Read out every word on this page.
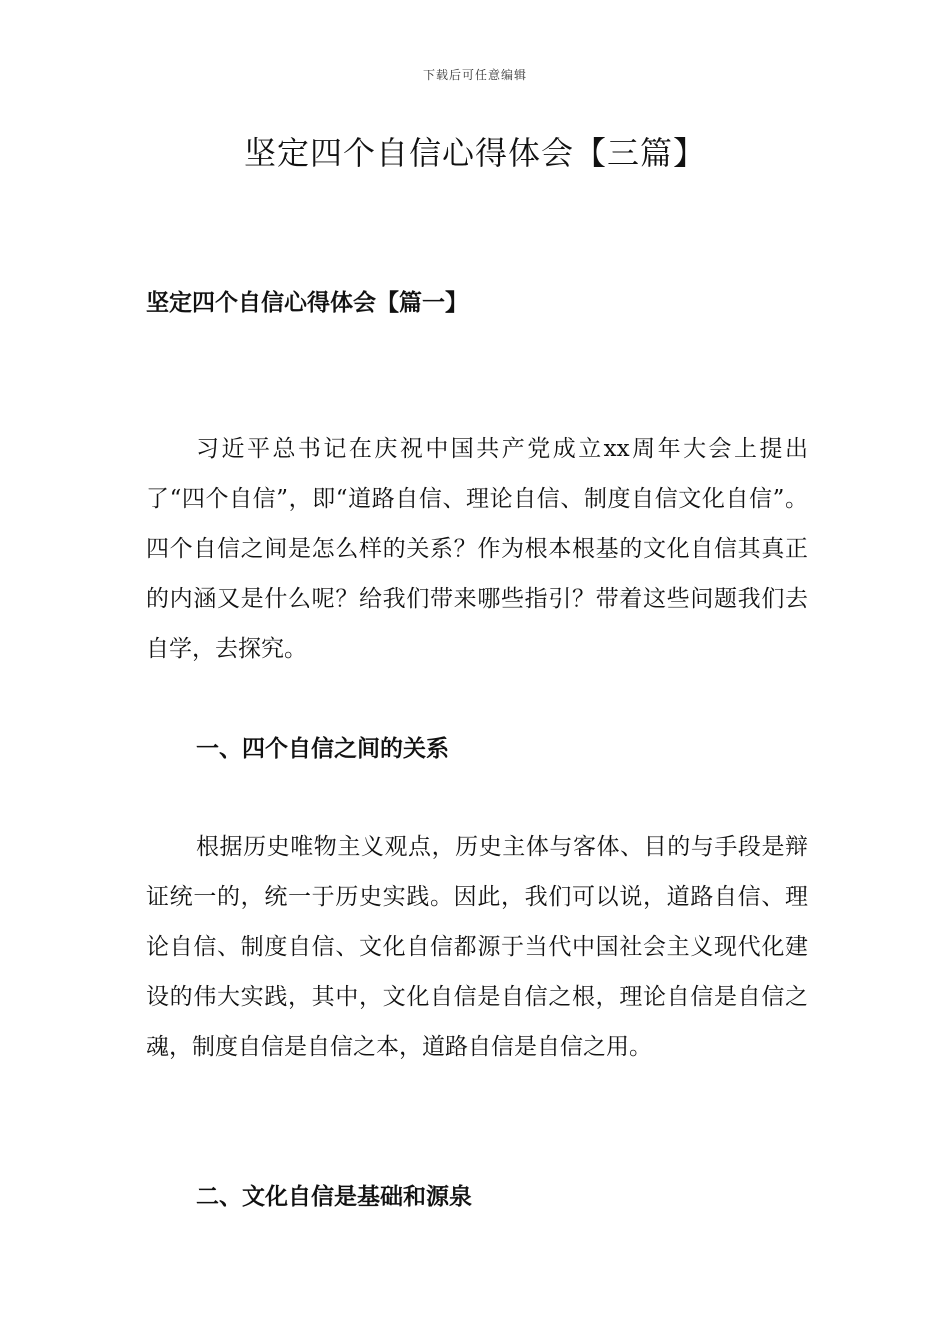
下载后可任意编辑
坚定四个自信心得体会【三篇】
坚定四个自信心得体会【篇一】

习近平总书记在庆祝中国共产党成立xx周年大会上提出了“四个自信”，即“道路自信、理论自信、制度自信文化自信”。四个自信之间是怎么样的关系？作为根本根基的文化自信其真正的内涵又是什么呢？给我们带来哪些指引？带着这些问题我们去自学，去探究。

一、四个自信之间的关系

根据历史唯物主义观点，历史主体与客体、目的与手段是辩证统一的，统一于历史实践。因此，我们可以说，道路自信、理论自信、制度自信、文化自信都源于当代中国社会主义现代化建设的伟大实践，其中，文化自信是自信之根，理论自信是自信之魂，制度自信是自信之本，道路自信是自信之用。

二、文化自信是基础和源泉
